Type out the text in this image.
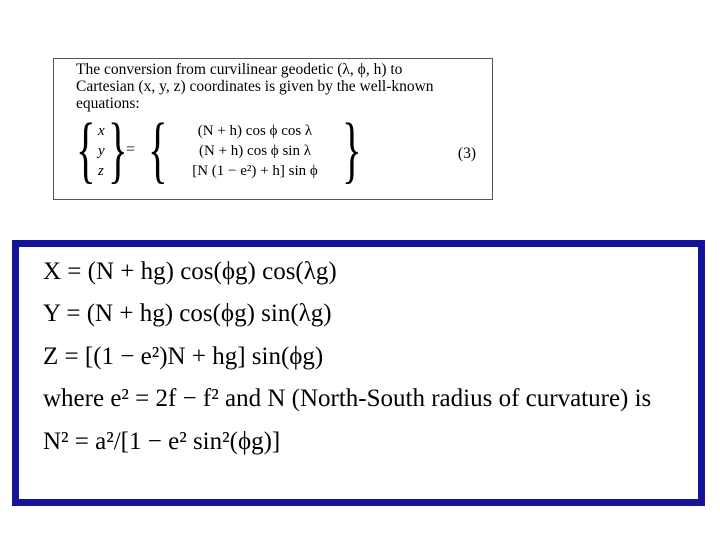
The conversion from curvilinear geodetic (λ, ϕ, h) to
Cartesian (x, y, z) coordinates is given by the well-known
equations:
{ x
y
z }
= {	(N + h) cos ϕ cos λ
(N + h) cos ϕ sin λ
[N (1 − e²) + h] sin ϕ }	(3)
X = (N + hg) cos(ϕg) cos(λg)
Y = (N + hg) cos(ϕg) sin(λg)
Z = [(1 − e²)N + hg] sin(ϕg)
where e² = 2f − f² and N (North-South radius of curvature) is
N² = a²/[1 − e² sin²(ϕg)]
